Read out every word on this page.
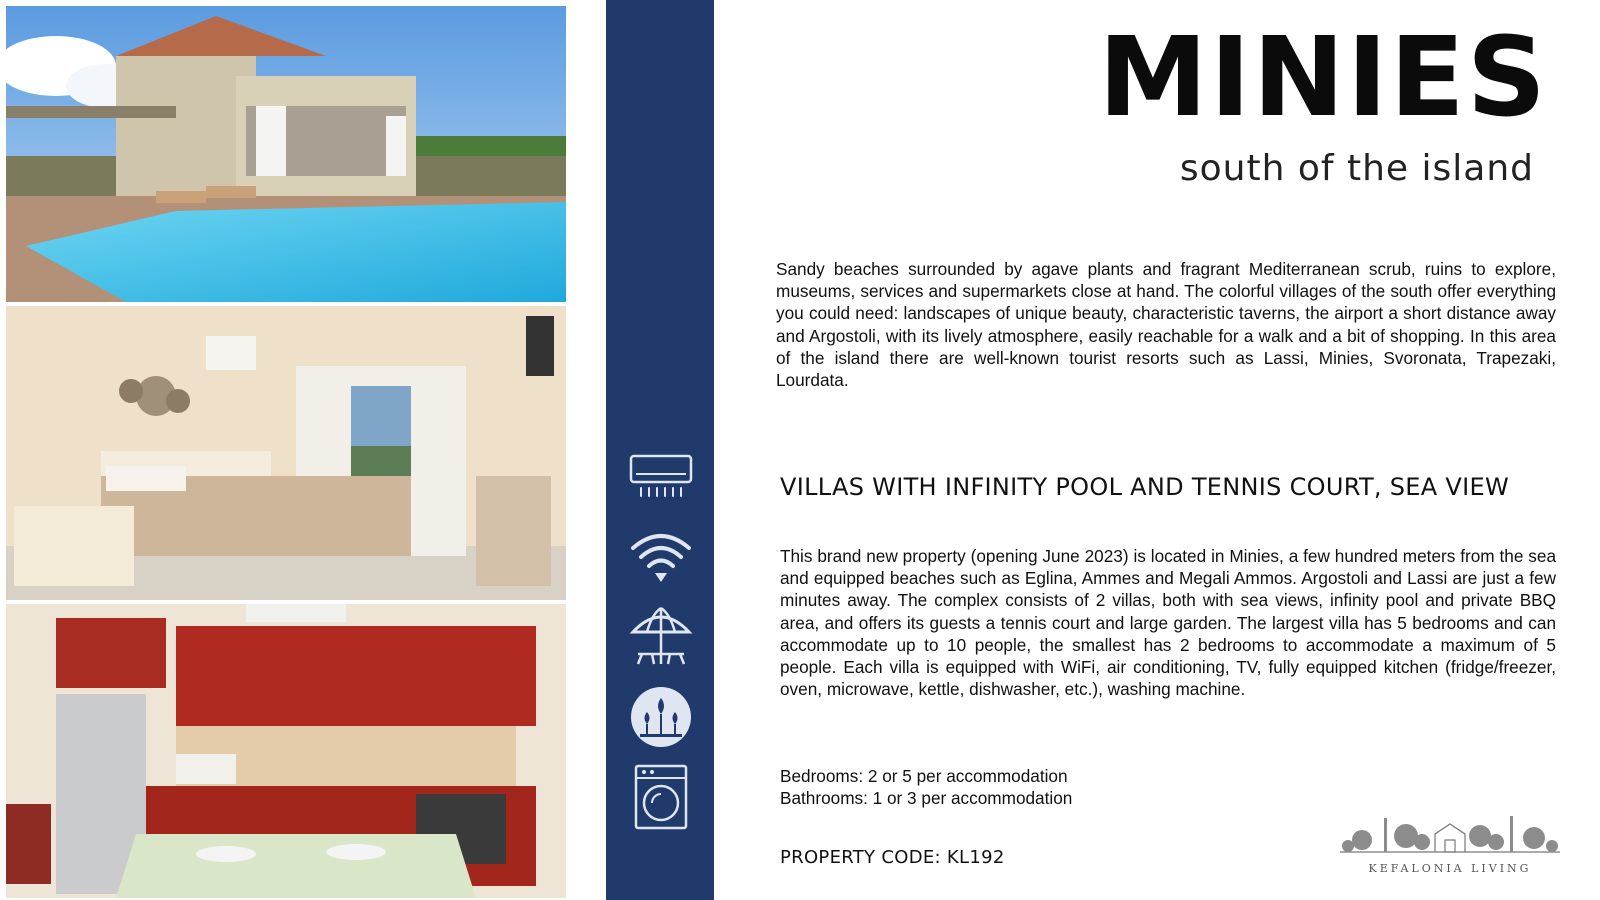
MINIES
south of the island
Sandy beaches surrounded by agave plants and fragrant Mediterranean scrub, ruins to explore, museums, services and supermarkets close at hand. The colorful villages of the south offer everything you could need: landscapes of unique beauty, characteristic taverns, the airport a short distance away and Argostoli, with its lively atmosphere, easily reachable for a walk and a bit of shopping. In this area of the island there are well-known tourist resorts such as Lassi, Minies, Svoronata, Trapezaki, Lourdata.
VILLAS WITH INFINITY POOL AND TENNIS COURT, SEA VIEW
This brand new property (opening June 2023) is located in Minies, a few hundred meters from the sea and equipped beaches such as Eglina, Ammes and Megali Ammos. Argostoli and Lassi are just a few minutes away. The complex consists of 2 villas, both with sea views, infinity pool and private BBQ area, and offers its guests a tennis court and large garden. The largest villa has 5 bedrooms and can accommodate up to 10 people, the smallest has 2 bedrooms to accommodate a maximum of 5 people. Each villa is equipped with WiFi, air conditioning, TV, fully equipped kitchen (fridge/freezer, oven, microwave, kettle, dishwasher, etc.), washing machine.
Bedrooms: 2 or 5 per accommodation
Bathrooms: 1 or 3 per accommodation
PROPERTY CODE: KL192
KEFALONIA LIVING
